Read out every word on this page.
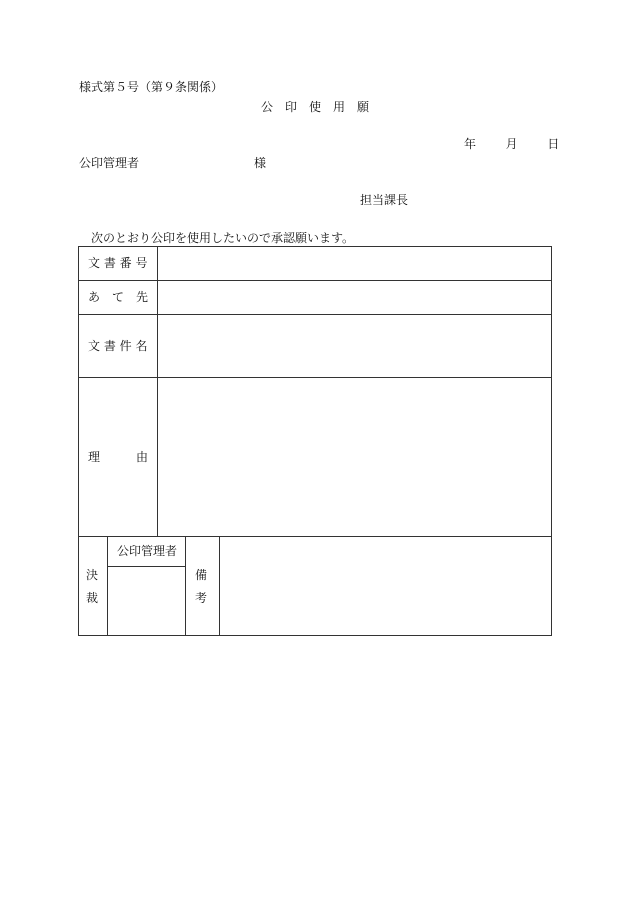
様式第５号（第９条関係）
公　印　使　用　願
年 月 日
公印管理者	様
担当課長
次のとおり公印を使用したいので承認願います。
文 書 番 号
あ　て　先
文 書 件 名
理　　　由
決
裁
公印管理者
備
考
